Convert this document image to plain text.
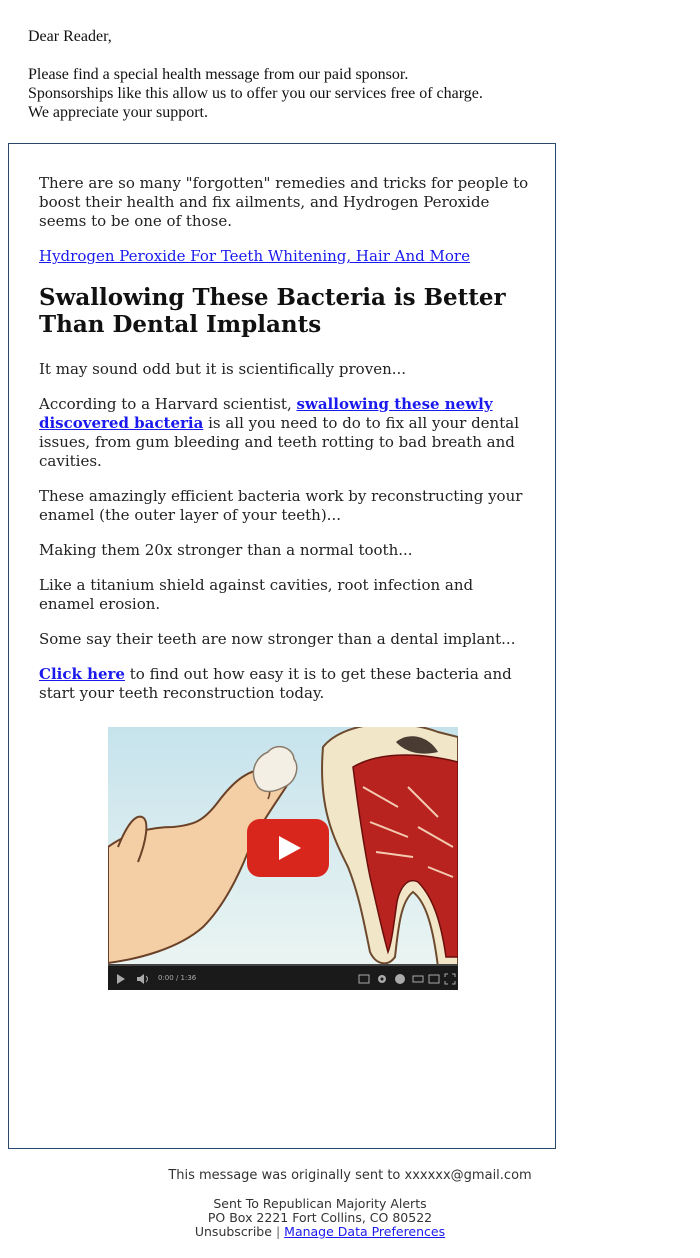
Dear Reader,

Please find a special health message from our paid sponsor.

Sponsorships like this allow us to offer you our services free of charge.

We appreciate your support.

There are so many "forgotten" remedies and tricks for people to boost their health and fix ailments, and Hydrogen Peroxide seems to be one of those.

Hydrogen Peroxide For Teeth Whitening, Hair And More

Swallowing These Bacteria is Better Than Dental Implants

It may sound odd but it is scientifically proven...

According to a Harvard scientist, swallowing these newly discovered bacteria is all you need to do to fix all your dental issues, from gum bleeding and teeth rotting to bad breath and cavities.

These amazingly efficient bacteria work by reconstructing your enamel (the outer layer of your teeth)...

Making them 20x stronger than a normal tooth...

Like a titanium shield against cavities, root infection and enamel erosion.

Some say their teeth are now stronger than a dental implant...

Click here to find out how easy it is to get these bacteria and start your teeth reconstruction today.

0:00 / 1:36
This message was originally sent to xxxxxx@gmail.com
Sent To Republican Majority Alerts
PO Box 2221 Fort Collins, CO 80522
Unsubscribe | Manage Data Preferences
